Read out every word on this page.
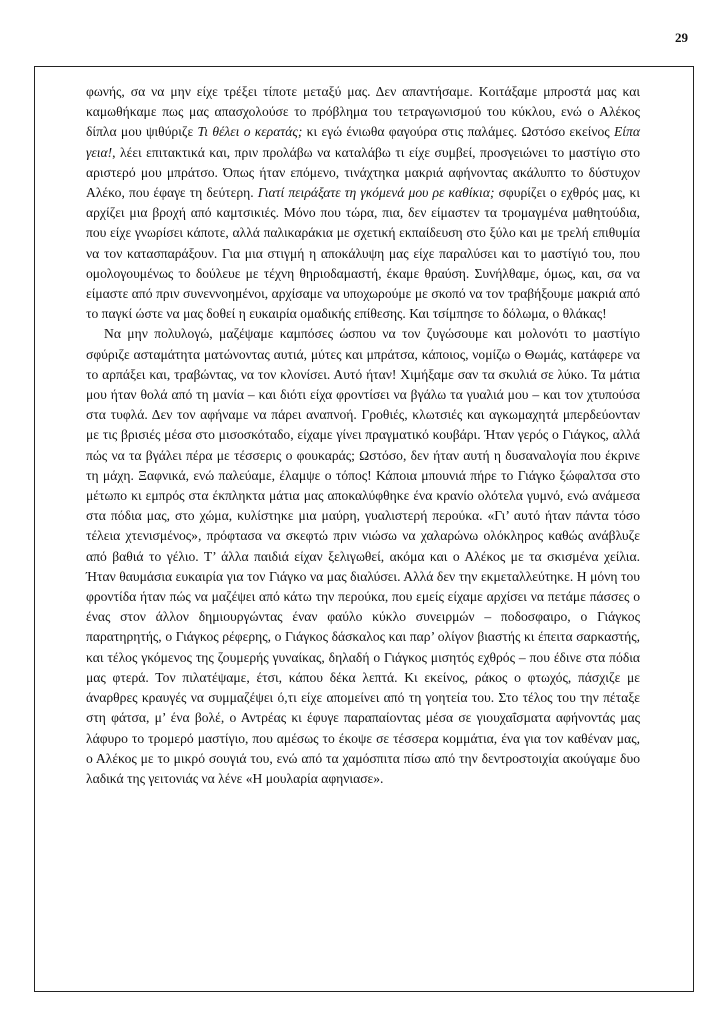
29

φωνής, σα να μην είχε τρέξει τίποτε μεταξύ μας. Δεν απαντήσαμε. Κοιτάξαμε μπροστά μας και καμωθήκαμε πως μας απασχολούσε το πρόβλημα του τετραγωνισμού του κύκλου, ενώ ο Αλέκος δίπλα μου ψιθύριζε Τι θέλει ο κερατάς; κι εγώ ένιωθα φαγούρα στις παλάμες. Ωστόσο εκείνος Είπα γεια!, λέει επιτακτικά και, πριν προλάβω να καταλάβω τι είχε συμβεί, προσγειώνει το μαστίγιο στο αριστερό μου μπράτσο. Όπως ήταν επόμενο, τινάχτηκα μακριά αφήνοντας ακάλυπτο το δύστυχον Αλέκο, που έφαγε τη δεύτερη. Γιατί πειράξατε τη γκόμενά μου ρε καθίκια; σφυρίζει ο εχθρός μας, κι αρχίζει μια βροχή από καμτσικιές. Μόνο που τώρα, πια, δεν είμαστεν τα τρομαγμένα μαθητούδια, που είχε γνωρίσει κάποτε, αλλά παλικαράκια με σχετική εκπαίδευση στο ξύλο και με τρελή επιθυμία να τον κατασπαράξουν. Για μια στιγμή η αποκάλυψη μας είχε παραλύσει και το μαστίγιό του, που ομολογουμένως το δούλευε με τέχνη θηριοδαμαστή, έκαμε θραύση. Συνήλθαμε, όμως, και, σα να είμαστε από πριν συνεννοημένοι, αρχίσαμε να υποχωρούμε με σκοπό να τον τραβήξουμε μακριά από το παγκί ώστε να μας δοθεί η ευκαιρία ομαδικής επίθεσης. Και τσίμπησε το δόλωμα, ο θλάκας!

Να μην πολυλογώ, μαζέψαμε καμπόσες ώσπου να τον ζυγώσουμε και μολονότι το μαστίγιο σφύριζε ασταμάτητα ματώνοντας αυτιά, μύτες και μπράτσα, κάποιος, νομίζω ο Θωμάς, κατάφερε να το αρπάξει και, τραβώντας, να τον κλονίσει. Αυτό ήταν! Χιμήξαμε σαν τα σκυλιά σε λύκο. Τα μάτια μου ήταν θολά από τη μανία – και διότι είχα φροντίσει να βγάλω τα γυαλιά μου – και τον χτυπούσα στα τυφλά. Δεν τον αφήναμε να πάρει αναπνοή. Γροθιές, κλωτσιές και αγκωμαχητά μπερδεύονταν με τις βρισιές μέσα στο μισοσκόταδο, είχαμε γίνει πραγματικό κουβάρι. Ήταν γερός ο Γιάγκος, αλλά πώς να τα βγάλει πέρα με τέσσερις ο φουκαράς; Ωστόσο, δεν ήταν αυτή η δυσαναλογία που έκρινε τη μάχη. Ξαφνικά, ενώ παλεύαμε, έλαμψε ο τόπος! Κάποια μπουνιά πήρε το Γιάγκο ξώφαλτσα στο μέτωπο κι εμπρός στα έκπληκτα μάτια μας αποκαλύφθηκε ένα κρανίο ολότελα γυμνό, ενώ ανάμεσα στα πόδια μας, στο χώμα, κυλίστηκε μια μαύρη, γυαλιστερή περούκα. «Γι’ αυτό ήταν πάντα τόσο τέλεια χτενισμένος», πρόφτασα να σκεφτώ πριν νιώσω να χαλαρώνω ολόκληρος καθώς ανάβλυζε από βαθιά το γέλιο. Τ’ άλλα παιδιά είχαν ξελιγωθεί, ακόμα και ο Αλέκος με τα σκισμένα χείλια. Ήταν θαυμάσια ευκαιρία για τον Γιάγκο να μας διαλύσει. Αλλά δεν την εκμεταλλεύτηκε. Η μόνη του φροντίδα ήταν πώς να μαζέψει από κάτω την περούκα, που εμείς είχαμε αρχίσει να πετάμε πάσσες ο ένας στον άλλον δημιουργώντας έναν φαύλο κύκλο συνειρμών – ποδοσφαιρο, ο Γιάγκος παρατηρητής, ο Γιάγκος ρέφερης, ο Γιάγκος δάσκαλος και παρ’ ολίγον βιαστής κι έπειτα σαρκαστής, και τέλος γκόμενος της ζουμερής γυναίκας, δηλαδή ο Γιάγκος μισητός εχθρός – που έδινε στα πόδια μας φτερά. Τον πιλατέψαμε, έτσι, κάπου δέκα λεπτά. Κι εκείνος, ράκος ο φτωχός, πάσχιζε με άναρθρες κραυγές να συμμαζέψει ό,τι είχε απομείνει από τη γοητεία του. Στο τέλος του την πέταξε στη φάτσα, μ’ ένα βολέ, ο Αντρέας κι έφυγε παραπαίοντας μέσα σε γιουχαΐσματα αφήνοντάς μας λάφυρο το τρομερό μαστίγιο, που αμέσως το έκοψε σε τέσσερα κομμάτια, ένα για τον καθέναν μας, ο Αλέκος με το μικρό σουγιά του, ενώ από τα χαμόσπιτα πίσω από την δεντροστοιχία ακούγαμε δυο λαδικά της γειτονιάς να λένε «Η μουλαρία αφηνιασε».
